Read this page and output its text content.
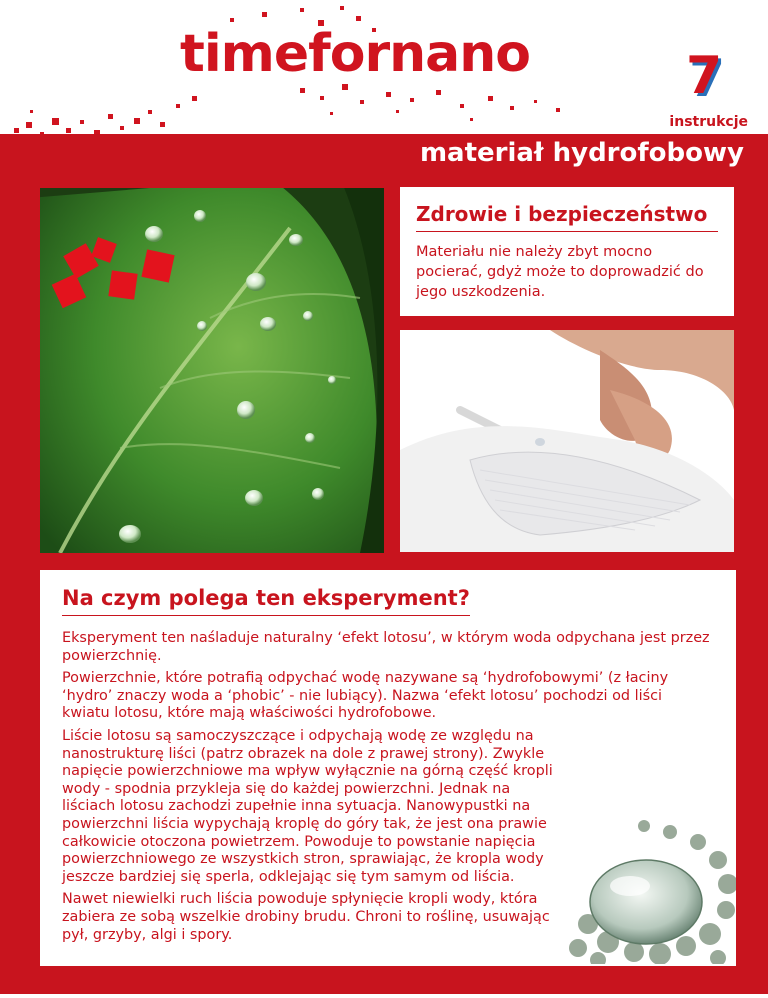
timefornano	7
instrukcje
materiał hydrofobowy
Zdrowie i bezpieczeństwo
Materiału nie należy zbyt mocno pocierać, gdyż może to doprowadzić do jego uszkodzenia.
Na czym polega ten eksperyment?

Eksperyment ten naśladuje naturalny ‘efekt lotosu’, w którym woda odpychana jest przez powierzchnię.

Powierzchnie, które potrafią odpychać wodę nazywane są ‘hydrofobowymi’ (z łaciny ‘hydro’ znaczy woda a ‘phobic’ - nie lubiący). Nazwa ‘efekt lotosu’ pochodzi od liści kwiatu lotosu, które mają właściwości hydrofobowe.

Liście lotosu są samoczyszczące i odpychają wodę ze względu na nanostrukturę liści (patrz obrazek na dole z prawej strony). Zwykle napięcie powierzchniowe ma wpływ wyłącznie na górną część kropli wody - spodnia przykleja się do każdej powierzchni. Jednak na liściach lotosu zachodzi zupełnie inna sytuacja. Nanowypustki na powierzchni liścia wypychają kroplę do góry tak, że jest ona prawie całkowicie otoczona powietrzem. Powoduje to powstanie napięcia powierzchniowego ze wszystkich stron, sprawiając, że kropla wody jeszcze bardziej się sperla, odklejając się tym samym od liścia.

Nawet niewielki ruch liścia powoduje spłynięcie kropli wody, która zabiera ze sobą wszelkie drobiny brudu. Chroni to roślinę, usuwając pył, grzyby, algi i spory.
